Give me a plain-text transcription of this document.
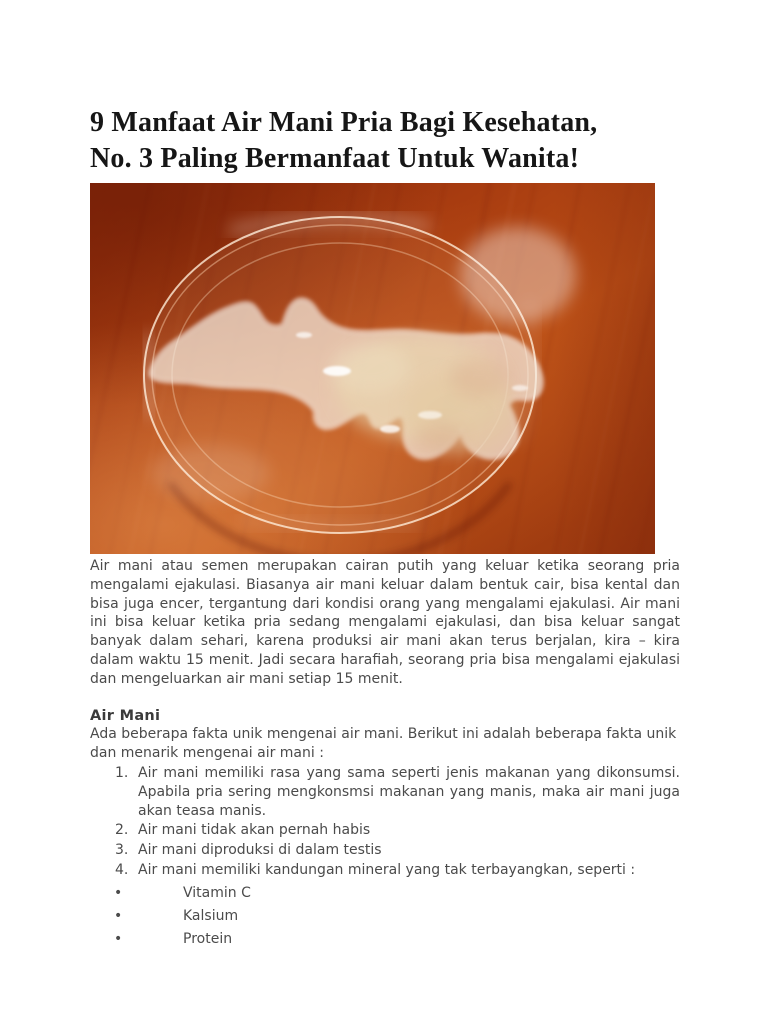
9 Manfaat Air Mani Pria Bagi Kesehatan,
No. 3 Paling Bermanfaat Untuk Wanita!

Air mani atau semen merupakan cairan putih yang keluar ketika seorang pria mengalami ejakulasi. Biasanya air mani keluar dalam bentuk cair, bisa kental dan bisa juga encer, tergantung dari kondisi orang yang mengalami ejakulasi. Air mani ini bisa keluar ketika pria sedang mengalami ejakulasi, dan bisa keluar sangat banyak dalam sehari, karena produksi air mani akan terus berjalan, kira – kira dalam waktu 15 menit. Jadi secara harafiah, seorang pria bisa mengalami ejakulasi dan mengeluarkan air mani setiap 15 menit.

Air Mani

Ada beberapa fakta unik mengenai air mani. Berikut ini adalah beberapa fakta unik dan menarik mengenai air mani :

Air mani memiliki rasa yang sama seperti jenis makanan yang dikonsumsi. Apabila pria sering mengkonsmsi makanan yang manis, maka air mani juga akan teasa manis.
Air mani tidak akan pernah habis
Air mani diproduksi di dalam testis
Air mani memiliki kandungan mineral yang tak terbayangkan, seperti :
•	Vitamin C
•	Kalsium
•	Protein
